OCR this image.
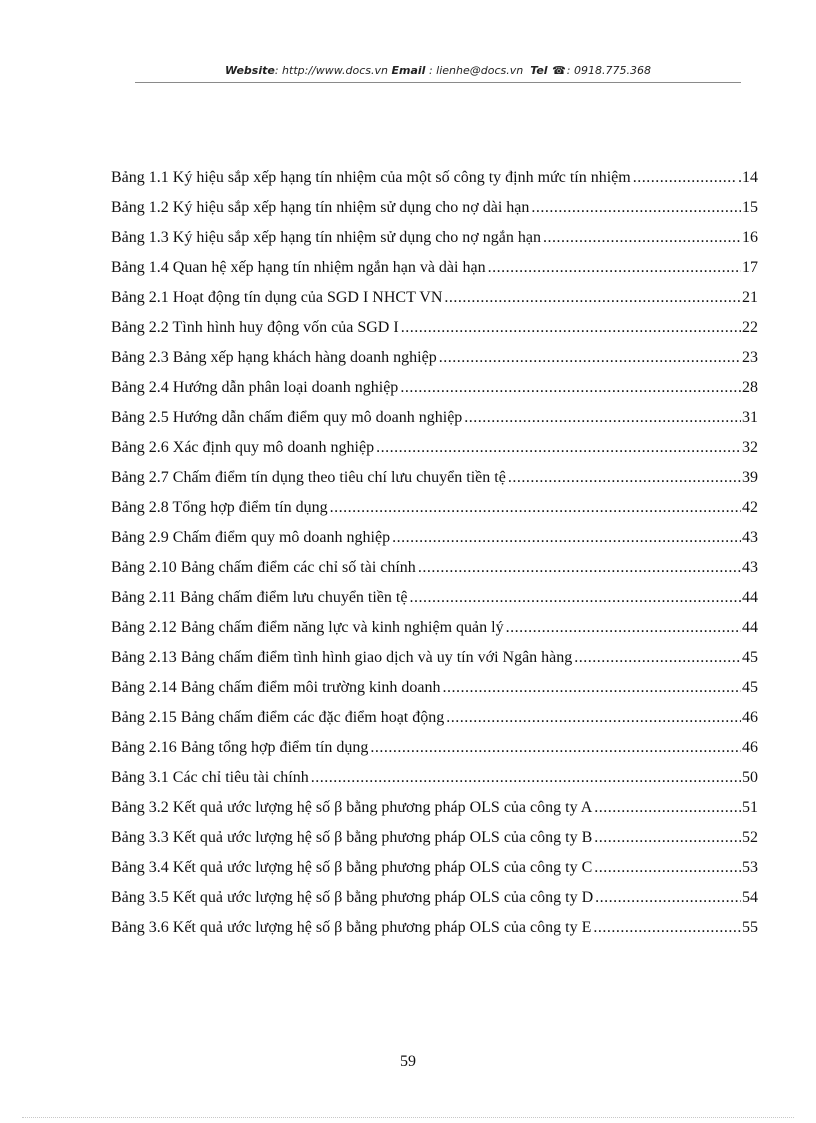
Website: http://www.docs.vn Email : lienhe@docs.vn Tel ☎: 0918.775.368
Bảng 1.1 Ký hiệu sắp xếp hạng tín nhiệm của một số công ty định mức tín nhiệm .....	.14
Bảng 1.2 Ký hiệu sắp xếp hạng tín nhiệm sử dụng cho nợ dài hạn .....	15
Bảng 1.3 Ký hiệu sắp xếp hạng tín nhiệm sử dụng cho nợ ngắn hạn .....	16
Bảng 1.4 Quan hệ xếp hạng tín nhiệm ngắn hạn và dài hạn .....	17
Bảng 2.1 Hoạt động tín dụng của SGD I NHCT VN .....	21
Bảng 2.2 Tình hình huy động vốn của SGD I .....	22
Bảng 2.3 Bảng xếp hạng khách hàng doanh nghiệp .....	23
Bảng 2.4 Hướng dẫn phân loại doanh nghiệp .....	28
Bảng 2.5 Hướng dẫn chấm điểm quy mô doanh nghiệp .....	31
Bảng 2.6 Xác định quy mô doanh nghiệp .....	32
Bảng 2.7 Chấm điểm tín dụng theo tiêu chí lưu chuyển tiền tệ .....	39
Bảng 2.8 Tổng hợp điểm tín dụng .....	42
Bảng 2.9 Chấm điểm quy mô doanh nghiệp .....	43
Bảng 2.10 Bảng chấm điểm các chỉ số tài chính .....	43
Bảng 2.11 Bảng chấm điểm lưu chuyển tiền tệ .....	44
Bảng 2.12 Bảng chấm điểm năng lực và kinh nghiệm quản lý .....	44
Bảng 2.13 Bảng chấm điểm tình hình giao dịch và uy tín với Ngân hàng .....	45
Bảng 2.14 Bảng chấm điểm môi trường kinh doanh .....	45
Bảng 2.15 Bảng chấm điểm các đặc điểm hoạt động .....	46
Bảng 2.16 Bảng tổng hợp điểm tín dụng .....	46
Bảng 3.1 Các chỉ tiêu tài chính .....	50
Bảng 3.2 Kết quả ước lượng hệ số β bằng phương pháp OLS của công ty A .....	51
Bảng 3.3 Kết quả ước lượng hệ số β bằng phương pháp OLS của công ty B .....	52
Bảng 3.4 Kết quả ước lượng hệ số β bằng phương pháp OLS của công ty C .....	53
Bảng 3.5 Kết quả ước lượng hệ số β bằng phương pháp OLS của công ty D .....	54
Bảng 3.6 Kết quả ước lượng hệ số β bằng phương pháp OLS của công ty E .....	55
59
